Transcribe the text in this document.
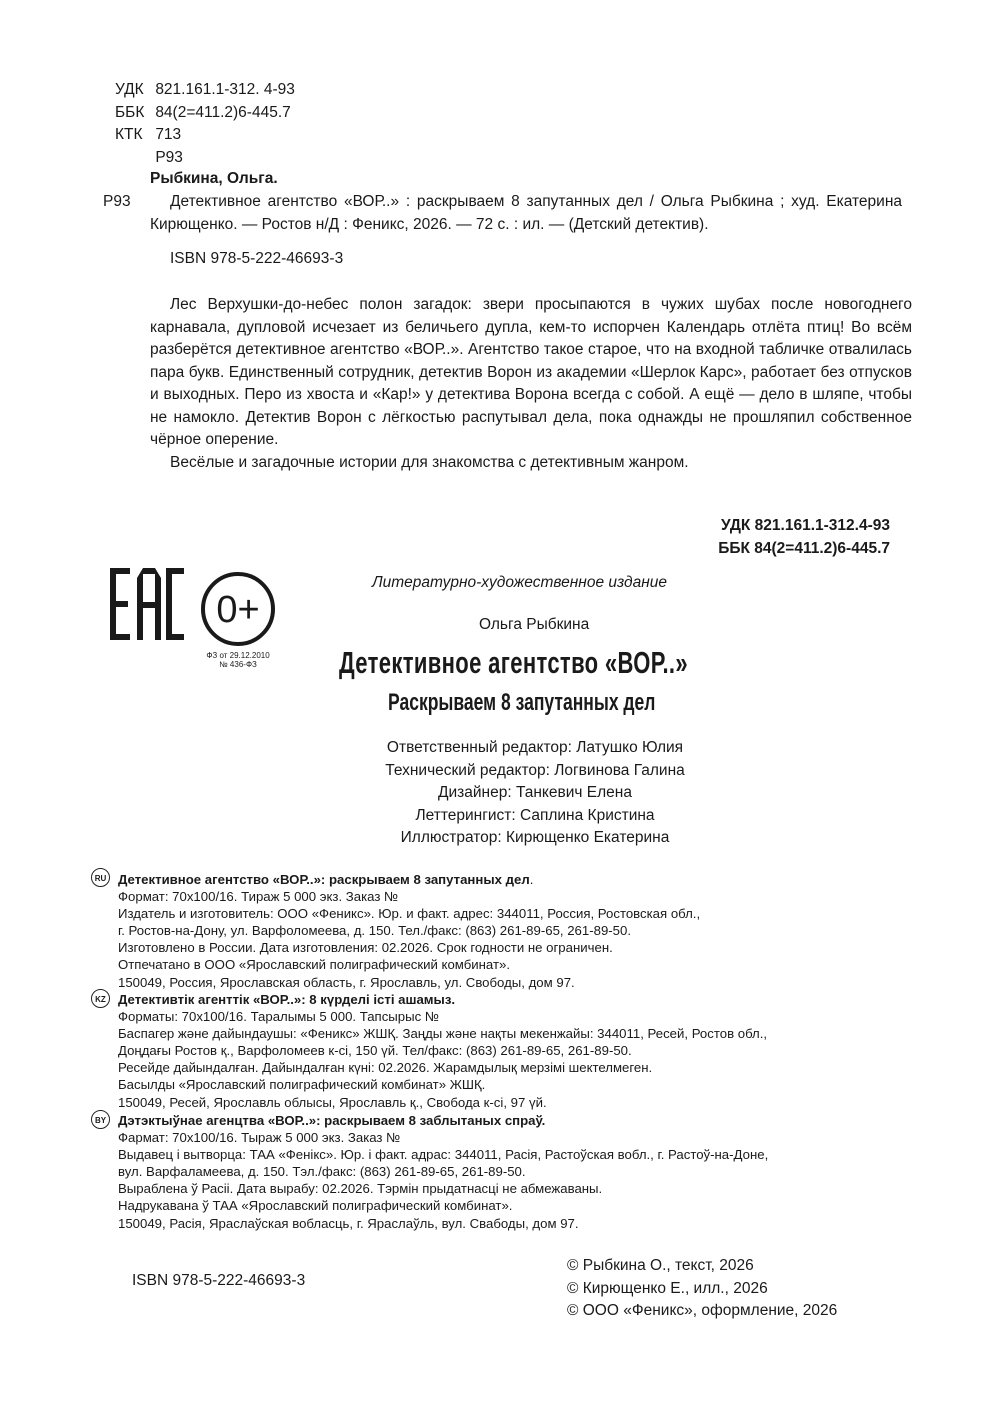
УДК 821.161.1-312. 4-93
ББК 84(2=411.2)6-445.7
КТК 713
Р93
Рыбкина, Ольга.
Р93	Детективное агентство «ВОР..» : раскрываем 8 запутанных дел / Ольга Рыбкина ; худ. Екатерина Кирющенко. — Ростов н/Д : Феникс, 2026. — 72 с. : ил. — (Детский детектив).
ISBN 978-5-222-46693-3

Лес Верхушки-до-небес полон загадок: звери просыпаются в чужих шубах после новогоднего карнавала, дупловой исчезает из беличьего дупла, кем-то испорчен Календарь отлёта птиц! Во всём разберётся детективное агентство «ВОР..». Агентство такое старое, что на входной табличке отвалилась пара букв. Единственный сотрудник, детектив Ворон из академии «Шерлок Карс», работает без отпусков и выходных. Перо из хвоста и «Кар!» у детектива Ворона всегда с собой. А ещё — дело в шляпе, чтобы не намокло. Детектив Ворон с лёгкостью распутывал дела, пока однажды не прошляпил собственное чёрное оперение.

Весёлые и загадочные истории для знакомства с детективным жанром.

УДК 821.161.1-312.4-93
ББК 84(2=411.2)6-445.7
0+
ФЗ от 29.12.2010
№ 436-ФЗ
Литературно-художественное издание
Ольга Рыбкина
Детективное агентство «ВОР..»
Раскрываем 8 запутанных дел
Ответственный редактор: Латушко Юлия
Технический редактор: Логвинова Галина
Дизайнер: Танкевич Елена
Леттерингист: Саплина Кристина
Иллюстратор: Кирющенко Екатерина
RU Детективное агентство «ВОР..»: раскрываем 8 запутанных дел.
Формат: 70х100/16. Тираж 5 000 экз. Заказ №
Издатель и изготовитель: ООО «Феникс». Юр. и факт. адрес: 344011, Россия, Ростовская обл.,
г. Ростов-на-Дону, ул. Варфоломеева, д. 150. Тел./факс: (863) 261-89-65, 261-89-50.
Изготовлено в России. Дата изготовления: 02.2026. Срок годности не ограничен.
Отпечатано в ООО «Ярославский полиграфический комбинат».
150049, Россия, Ярославская область, г. Ярославль, ул. Свободы, дом 97.
KZ Детективтік агенттік «ВОР..»: 8 күрделі істі ашамыз.
Форматы: 70х100/16. Таралымы 5 000. Тапсырыс №
Баспагер және дайындаушы: «Феникс» ЖШҚ. Заңды және нақты мекенжайы: 344011, Ресей, Ростов обл.,
Доңдағы Ростов қ., Варфоломеев к-сі, 150 үй. Тел/факс: (863) 261-89-65, 261-89-50.
Ресейде дайындалған. Дайындалған күні: 02.2026. Жарамдылық мерзімі шектелмеген.
Басылды «Ярославский полиграфический комбинат» ЖШҚ.
150049, Ресей, Ярославль облысы, Ярославль қ., Свобода к-сі, 97 үй.
BY Дэтэктыўнае агенцтва «ВОР..»: раскрываем 8 заблытаных спраў.
Фармат: 70х100/16. Тыраж 5 000 экз. Заказ №
Выдавец і вытворца: ТАА «Фенікс». Юр. і факт. адрас: 344011, Расія, Растоўская вобл., г. Растоў-на-Доне,
вул. Варфаламеева, д. 150. Тэл./факс: (863) 261-89-65, 261-89-50.
Выраблена ў Расіі. Дата вырабу: 02.2026. Тэрмін прыдатнасці не абмежаваны.
Надрукавана ў ТАА «Ярославский полиграфический комбинат».
150049, Расія, Яраслаўская вобласць, г. Яраслаўль, вул. Свабоды, дом 97.
ISBN 978-5-222-46693-3
© Рыбкина О., текст, 2026
© Кирющенко Е., илл., 2026
© ООО «Феникс», оформление, 2026
